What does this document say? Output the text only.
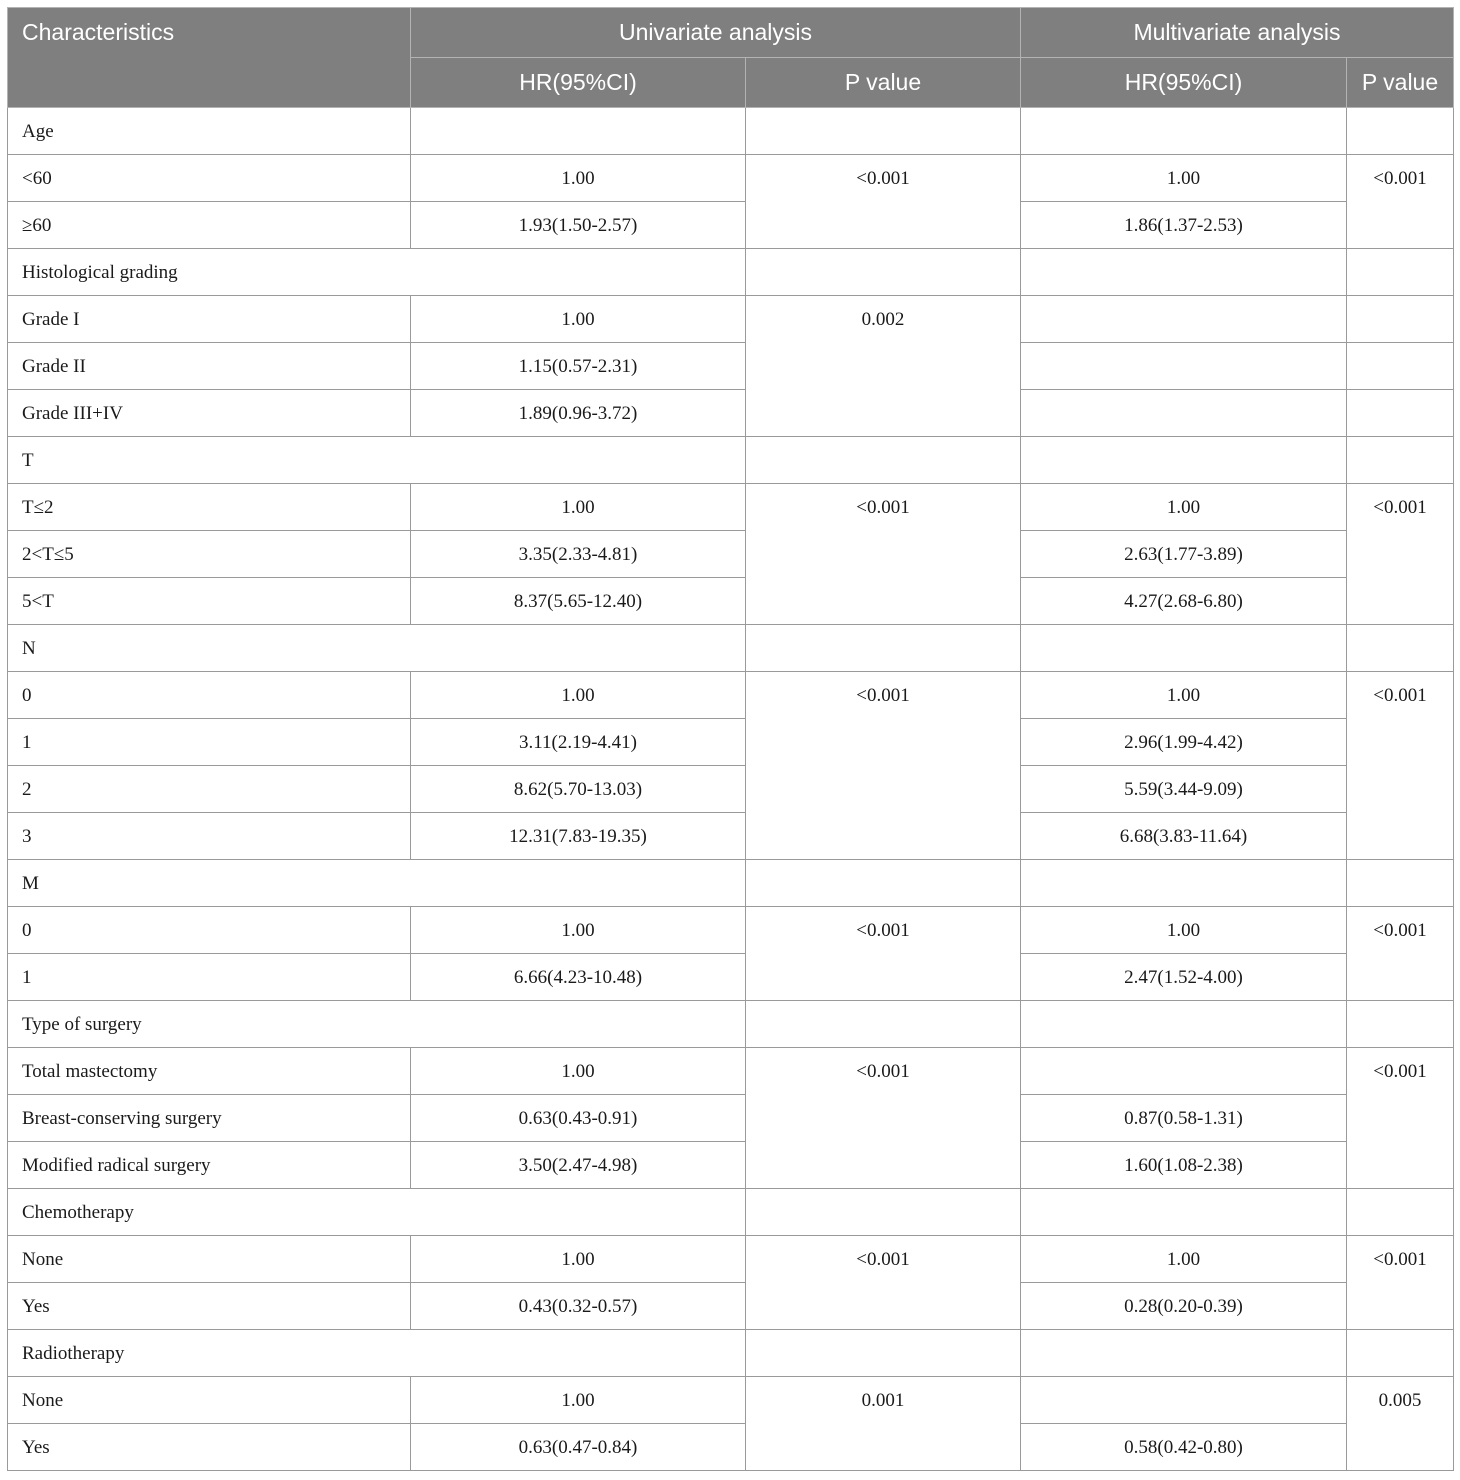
Characteristics	Univariate analysis		Multivariate analysis	
	HR(95%CI)	P value	HR(95%CI)	P value

Age				

<60	1.00	<0.001	1.00	<0.001

≥60	1.93(1.50-2.57)		1.86(1.37-2.53)	

Histological grading				

Grade I	1.00	0.002		

Grade II	1.15(0.57-2.31)			

Grade III+IV	1.89(0.96-3.72)			

T				

T≤2	1.00	<0.001	1.00	<0.001

2<T≤5	3.35(2.33-4.81)		2.63(1.77-3.89)	

5<T	8.37(5.65-12.40)		4.27(2.68-6.80)	

N				

0	1.00	<0.001	1.00	<0.001

1	3.11(2.19-4.41)		2.96(1.99-4.42)	

2	8.62(5.70-13.03)		5.59(3.44-9.09)	

3	12.31(7.83-19.35)		6.68(3.83-11.64)	

M				

0	1.00	<0.001	1.00	<0.001

1	6.66(4.23-10.48)		2.47(1.52-4.00)	

Type of surgery				

Total mastectomy	1.00	<0.001		<0.001

Breast-conserving surgery	0.63(0.43-0.91)		0.87(0.58-1.31)	

Modified radical surgery	3.50(2.47-4.98)		1.60(1.08-2.38)	

Chemotherapy				

None	1.00	<0.001	1.00	<0.001

Yes	0.43(0.32-0.57)		0.28(0.20-0.39)	

Radiotherapy				

None	1.00	0.001		0.005

Yes	0.63(0.47-0.84)		0.58(0.42-0.80)	
